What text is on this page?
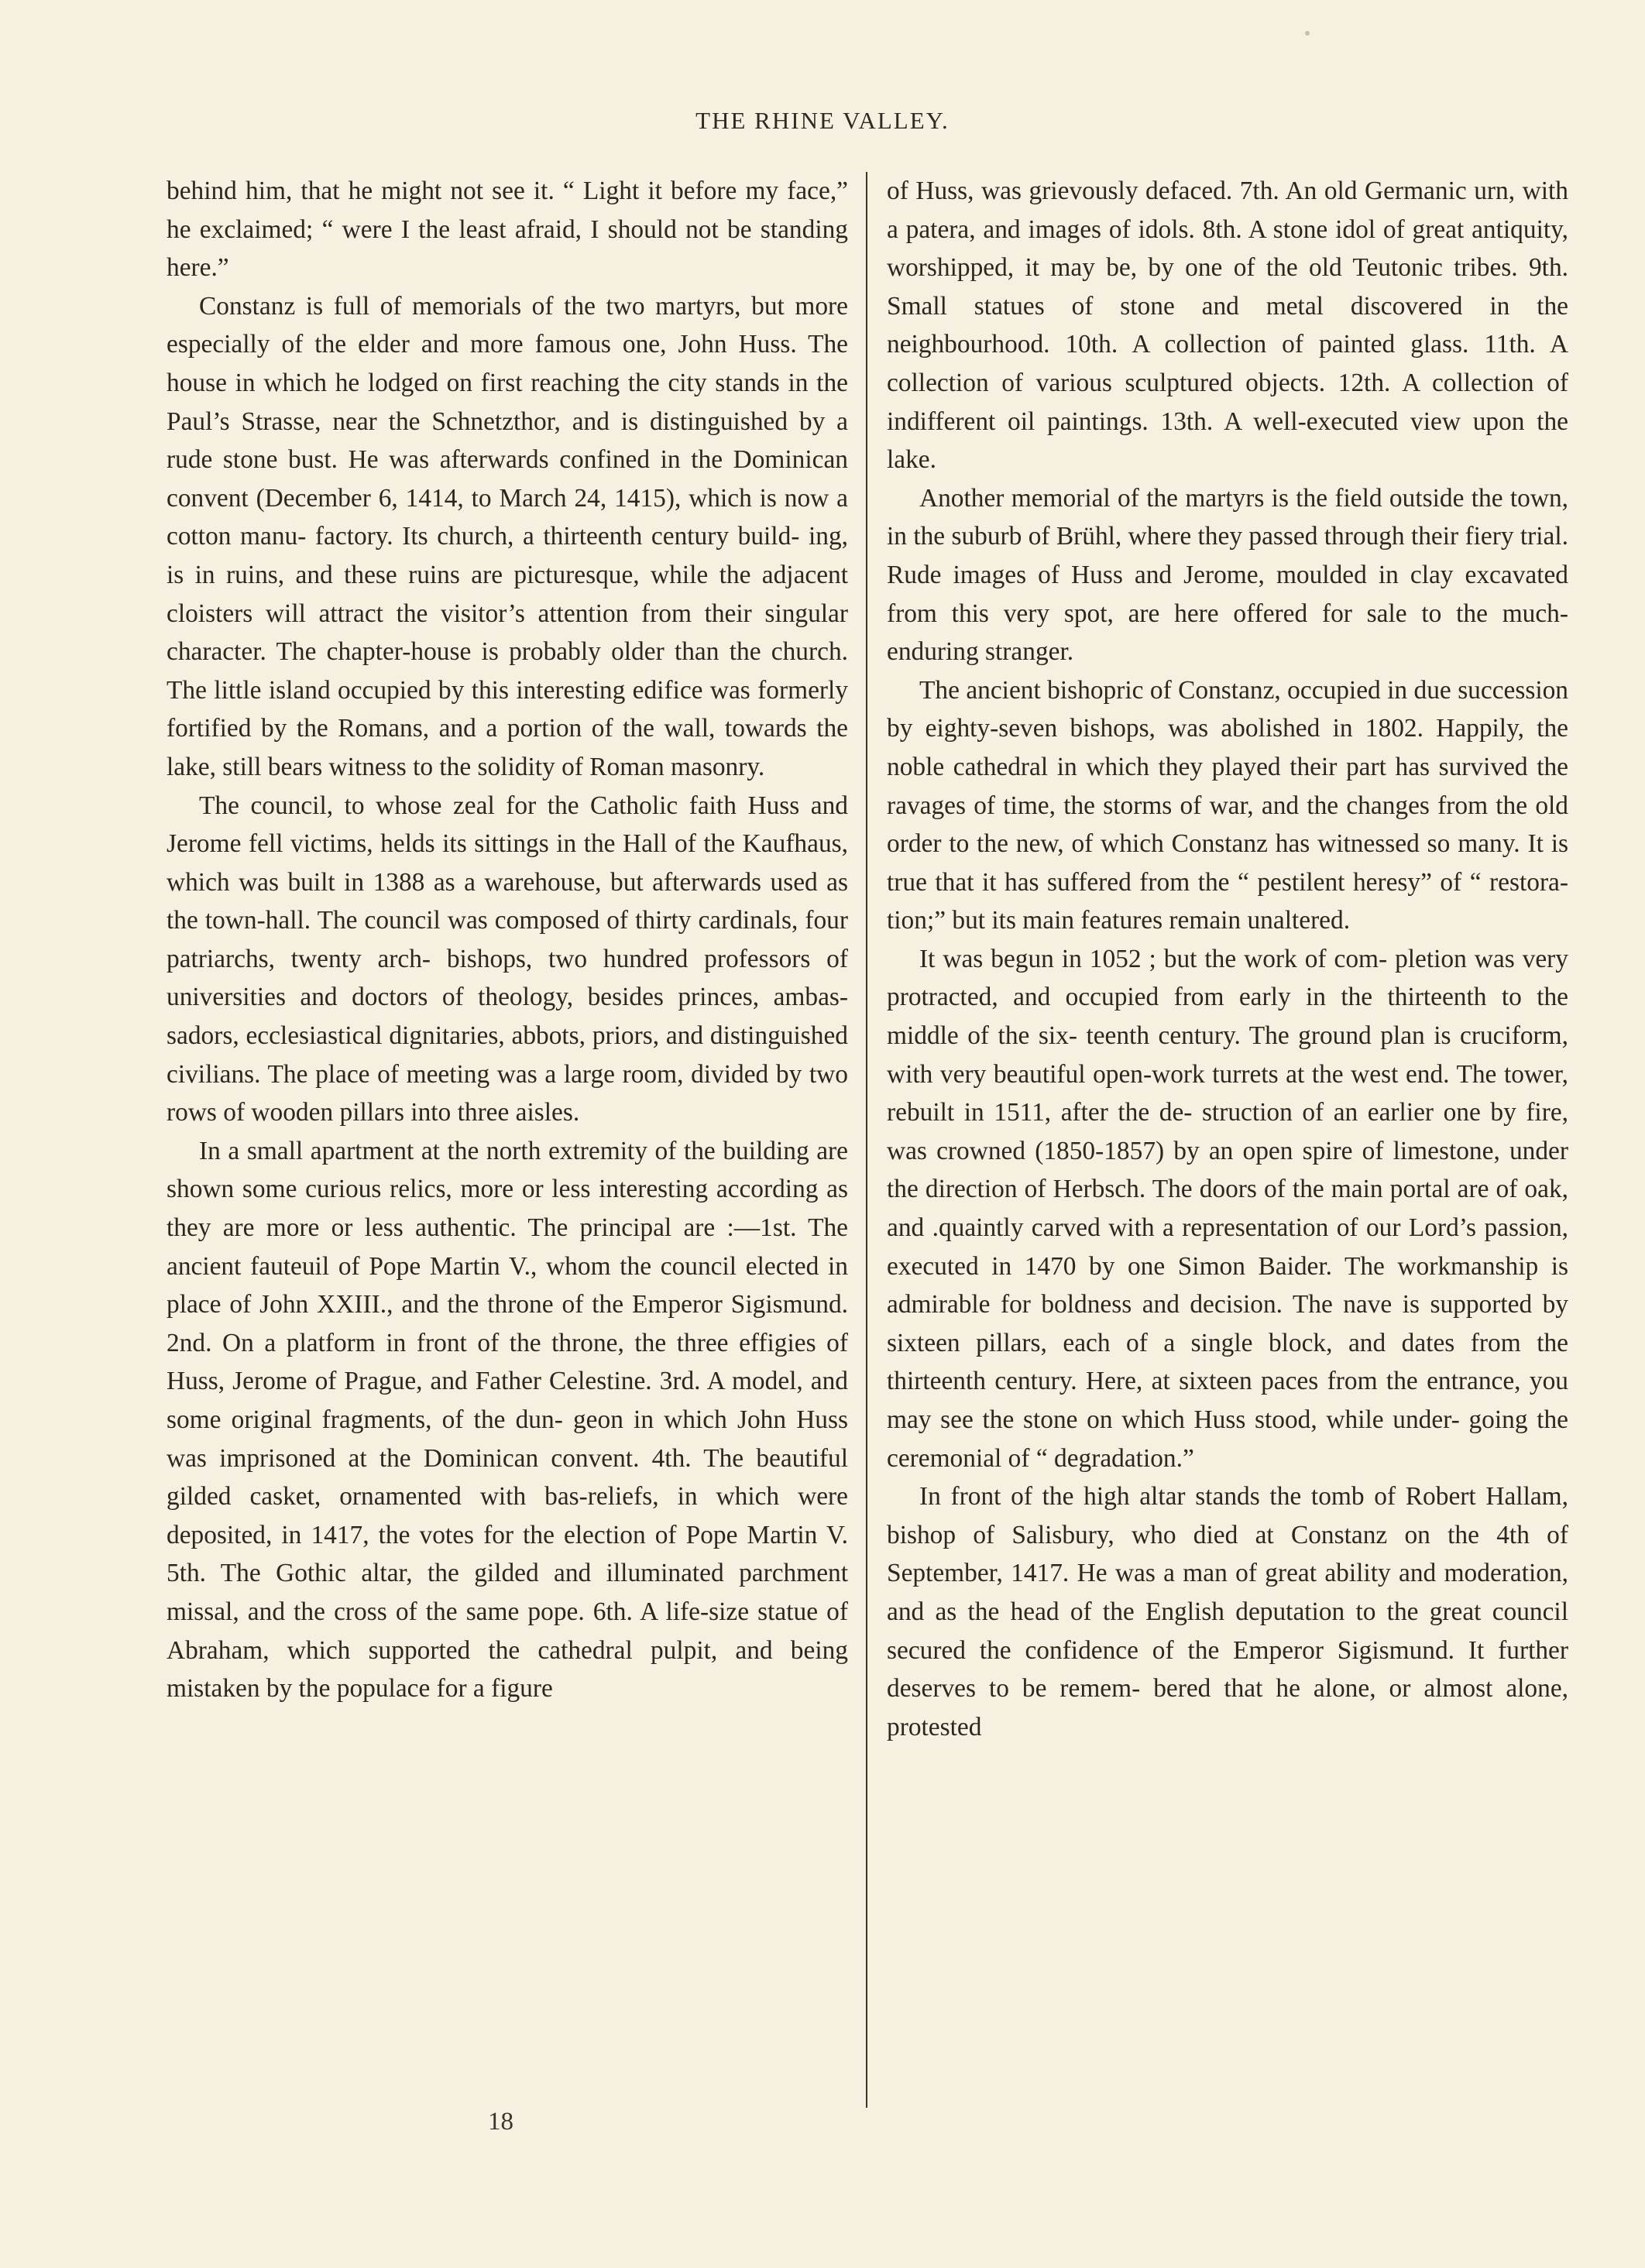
THE RHINE VALLEY.

behind him, that he might not see it. “ Light it before my face,” he exclaimed; “ were I the least afraid, I should not be standing here.”

Constanz is full of memorials of the two martyrs, but more especially of the elder and more famous one, John Huss. The house in which he lodged on first reaching the city stands in the Paul’s Strasse, near the Schnetzthor, and is distinguished by a rude stone bust. He was afterwards confined in the Dominican convent (December 6, 1414, to March 24, 1415), which is now a cotton manu- factory. Its church, a thirteenth century build- ing, is in ruins, and these ruins are picturesque, while the adjacent cloisters will attract the visitor’s attention from their singular character. The chapter-house is probably older than the church. The little island occupied by this interesting edifice was formerly fortified by the Romans, and a portion of the wall, towards the lake, still bears witness to the solidity of Roman masonry.

The council, to whose zeal for the Catholic faith Huss and Jerome fell victims, helds its sittings in the Hall of the Kaufhaus, which was built in 1388 as a warehouse, but afterwards used as the town-hall. The council was composed of thirty cardinals, four patriarchs, twenty arch- bishops, two hundred professors of universities and doctors of theology, besides princes, ambas- sadors, ecclesiastical dignitaries, abbots, priors, and distinguished civilians. The place of meeting was a large room, divided by two rows of wooden pillars into three aisles.

In a small apartment at the north extremity of the building are shown some curious relics, more or less interesting according as they are more or less authentic. The principal are :—1st. The ancient fauteuil of Pope Martin V., whom the council elected in place of John XXIII., and the throne of the Emperor Sigismund. 2nd. On a platform in front of the throne, the three effigies of Huss, Jerome of Prague, and Father Celestine. 3rd. A model, and some original fragments, of the dun- geon in which John Huss was imprisoned at the Dominican convent. 4th. The beautiful gilded casket, ornamented with bas-reliefs, in which were deposited, in 1417, the votes for the election of Pope Martin V. 5th. The Gothic altar, the gilded and illuminated parchment missal, and the cross of the same pope. 6th. A life-size statue of Abraham, which supported the cathedral pulpit, and being mistaken by the populace for a figure

of Huss, was grievously defaced. 7th. An old Germanic urn, with a patera, and images of idols. 8th. A stone idol of great antiquity, worshipped, it may be, by one of the old Teutonic tribes. 9th. Small statues of stone and metal discovered in the neighbourhood. 10th. A collection of painted glass. 11th. A collection of various sculptured objects. 12th. A collection of indifferent oil paintings. 13th. A well-executed view upon the lake.

Another memorial of the martyrs is the field outside the town, in the suburb of Brühl, where they passed through their fiery trial. Rude images of Huss and Jerome, moulded in clay excavated from this very spot, are here offered for sale to the much-enduring stranger.

The ancient bishopric of Constanz, occupied in due succession by eighty-seven bishops, was abolished in 1802. Happily, the noble cathedral in which they played their part has survived the ravages of time, the storms of war, and the changes from the old order to the new, of which Constanz has witnessed so many. It is true that it has suffered from the “ pestilent heresy” of “ restora- tion;” but its main features remain unaltered.

It was begun in 1052 ; but the work of com- pletion was very protracted, and occupied from early in the thirteenth to the middle of the six- teenth century. The ground plan is cruciform, with very beautiful open-work turrets at the west end. The tower, rebuilt in 1511, after the de- struction of an earlier one by fire, was crowned (1850-1857) by an open spire of limestone, under the direction of Herbsch. The doors of the main portal are of oak, and .quaintly carved with a representation of our Lord’s passion, executed in 1470 by one Simon Baider. The workmanship is admirable for boldness and decision. The nave is supported by sixteen pillars, each of a single block, and dates from the thirteenth century. Here, at sixteen paces from the entrance, you may see the stone on which Huss stood, while under- going the ceremonial of “ degradation.”

In front of the high altar stands the tomb of Robert Hallam, bishop of Salisbury, who died at Constanz on the 4th of September, 1417. He was a man of great ability and moderation, and as the head of the English deputation to the great council secured the confidence of the Emperor Sigismund. It further deserves to be remem- bered that he alone, or almost alone, protested

18
